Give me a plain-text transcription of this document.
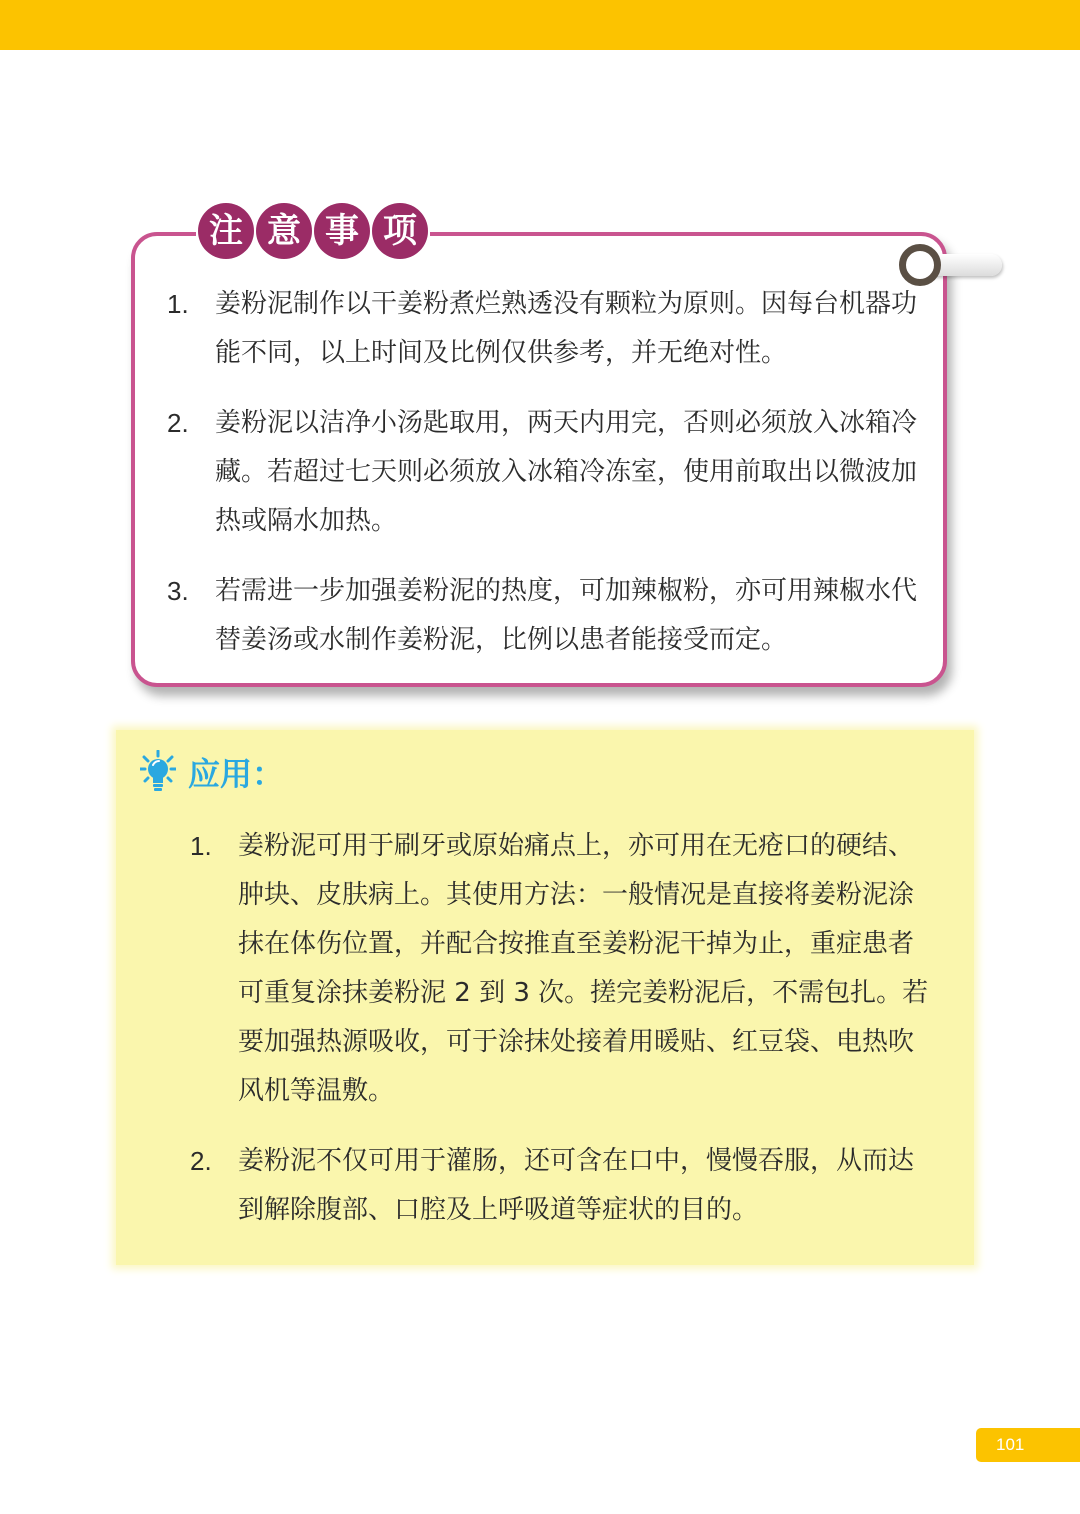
注 意 事 项
1.	姜粉泥制作以干姜粉煮烂熟透没有颗粒为原则。因每台机器功能不同，以上时间及比例仅供参考，并无绝对性。
2.	姜粉泥以洁净小汤匙取用，两天内用完，否则必须放入冰箱冷藏。若超过七天则必须放入冰箱冷冻室，使用前取出以微波加热或隔水加热。
3.	若需进一步加强姜粉泥的热度，可加辣椒粉，亦可用辣椒水代替姜汤或水制作姜粉泥，比例以患者能接受而定。
应用：
1.	姜粉泥可用于刷牙或原始痛点上，亦可用在无疮口的硬结、肿块、皮肤病上。其使用方法：一般情况是直接将姜粉泥涂抹在体伤位置，并配合按推直至姜粉泥干掉为止，重症患者可重复涂抹姜粉泥 2 到 3 次。搓完姜粉泥后，不需包扎。若要加强热源吸收，可于涂抹处接着用暖贴、红豆袋、电热吹风机等温敷。
2.	姜粉泥不仅可用于灌肠，还可含在口中，慢慢吞服，从而达到解除腹部、口腔及上呼吸道等症状的目的。
101
